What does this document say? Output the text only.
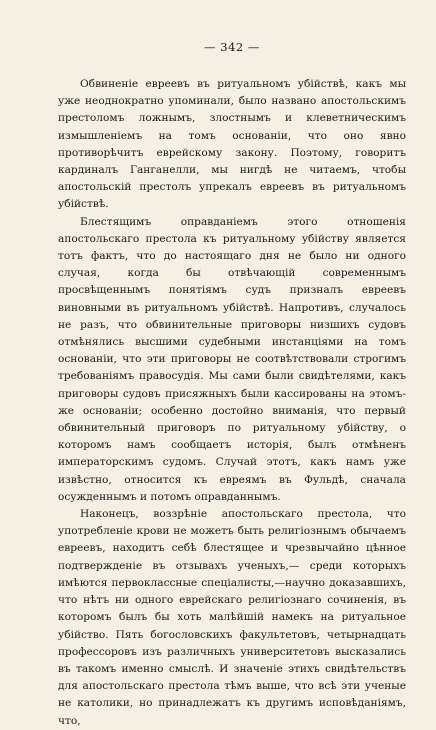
— 342 —

Обвиненіе евреевъ въ ритуальномъ убійствѣ, какъ мы уже неоднократно упоминали, было названо апостольскимъ престоломъ ложнымъ, злостнымъ и клеветническимъ измышленіемъ на томъ основаніи, что оно явно противорѣчитъ еврейскому закону. Поэтому, говоритъ кардиналъ Ганганелли, мы нигдѣ не читаемъ, чтобы апостольскій престолъ упрекалъ евреевъ въ ритуальномъ убійствѣ.

Блестящимъ оправданіемъ этого отношенія апостольскаго престола къ ритуальному убійству является тотъ фактъ, что до настоящаго дня не было ни одного случая, когда бы отвѣчающій современнымъ просвѣщеннымъ понятіямъ судъ призналъ евреевъ виновными въ ритуальномъ убійствѣ. Напротивъ, случалось не разъ, что обвинительные приговоры низшихъ судовъ отмѣнялись высшими судебными инстанціями на томъ основаніи, что эти приговоры не соотвѣтствовали строгимъ требованіямъ правосудія. Мы сами были свидѣтелями, какъ приговоры судовъ присяжныхъ были кассированы на этомъ-же основаніи; особенно достойно вниманія, что первый обвинительный приговоръ по ритуальному убійству, о которомъ намъ сообщаетъ исторія, былъ отмѣненъ императорскимъ судомъ. Случай этотъ, какъ намъ уже извѣстно, относится къ евреямъ въ Фульдѣ, сначала осужденнымъ и потомъ оправданнымъ.

Наконецъ, воззрѣніе апостольскаго престола, что употребленіе крови не можетъ быть религіознымъ обычаемъ евреевъ, находитъ себѣ блестящее и чрезвычайно цѣнное подтвержденіе въ отзывахъ ученыхъ,— среди которыхъ имѣются первоклассные спеціалисты,—научно доказавшихъ, что нѣтъ ни одного еврейскаго религіознаго сочиненія, въ которомъ былъ бы хоть малѣйшій намекъ на ритуальное убійство. Пять богословскихъ факультетовъ, четырнадцать профессоровъ изъ различныхъ университетовъ высказались въ такомъ именно смыслѣ. И значеніе этихъ свидѣтельствъ для апостольскаго престола тѣмъ выше, что всѣ эти ученые не католики, но принадлежатъ къ другимъ исповѣданіямъ, что,
